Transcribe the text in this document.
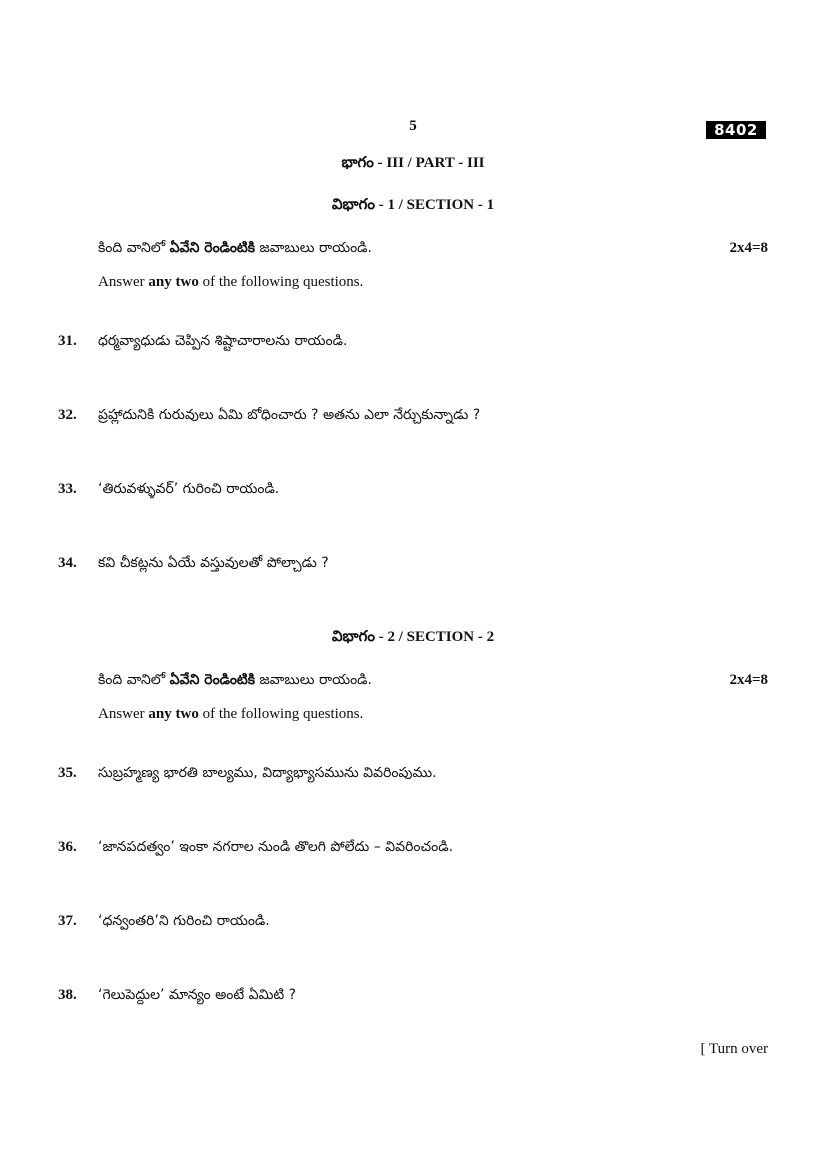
5	8402
భాగం - III / PART - III
విభాగం - 1 / SECTION - 1
కింది వానిలో ఏవేని రెండింటికి జవాబులు రాయండి.	2x4=8
Answer any two of the following questions.
31.	ధర్మవ్యాధుడు చెప్పిన శిష్టాచారాలను రాయండి.
32.	ప్రహ్లాదునికి గురువులు ఏమి బోధించారు ? అతను ఎలా నేర్చుకున్నాడు ?
33.	‘తిరువళ్ళువర్’ గురించి రాయండి.
34.	కవి చీకట్లను ఏయే వస్తువులతో పోల్చాడు ?
విభాగం - 2 / SECTION - 2
కింది వానిలో ఏవేని రెండింటికి జవాబులు రాయండి.	2x4=8
Answer any two of the following questions.
35.	సుబ్రహ్మణ్య భారతి బాల్యము, విద్యాభ్యాసమును వివరింపుము.
36.	‘జానపదత్వం’ ఇంకా నగరాల నుండి తొలగి పోలేదు – వివరించండి.
37.	‘ధన్వంతరి’ని గురించి రాయండి.
38.	‘గెలుపెద్దుల’ మాన్యం అంటే ఏమిటి ?
[ Turn over
